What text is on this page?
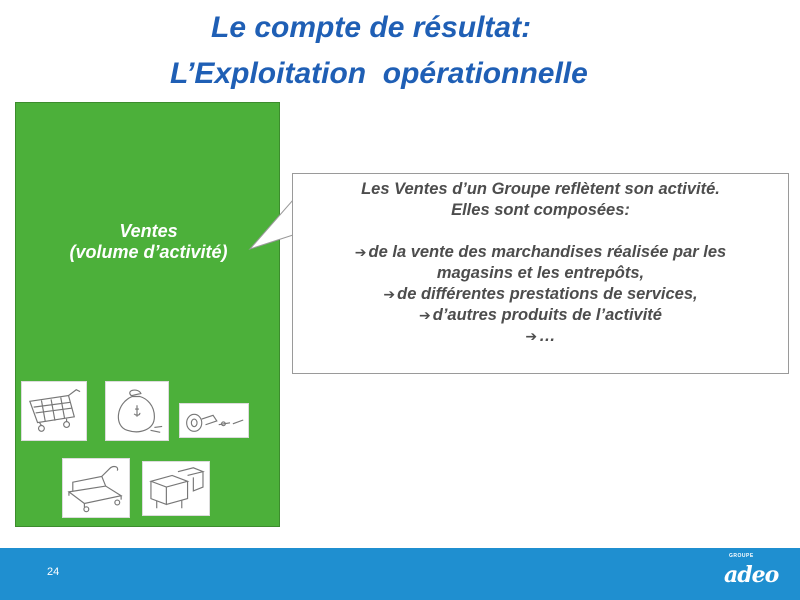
Le compte de résultat:
L’Exploitation  opérationnelle
Ventes
(volume d’activité)
Les Ventes d’un Groupe reflètent son activité.
Elles sont composées:
➔ de la vente des marchandises réalisée par les
magasins et les entrepôts,
➔ de différentes prestations de services,
➔ d’autres produits de l’activité
➔ …
24
GROUPE
adeo
